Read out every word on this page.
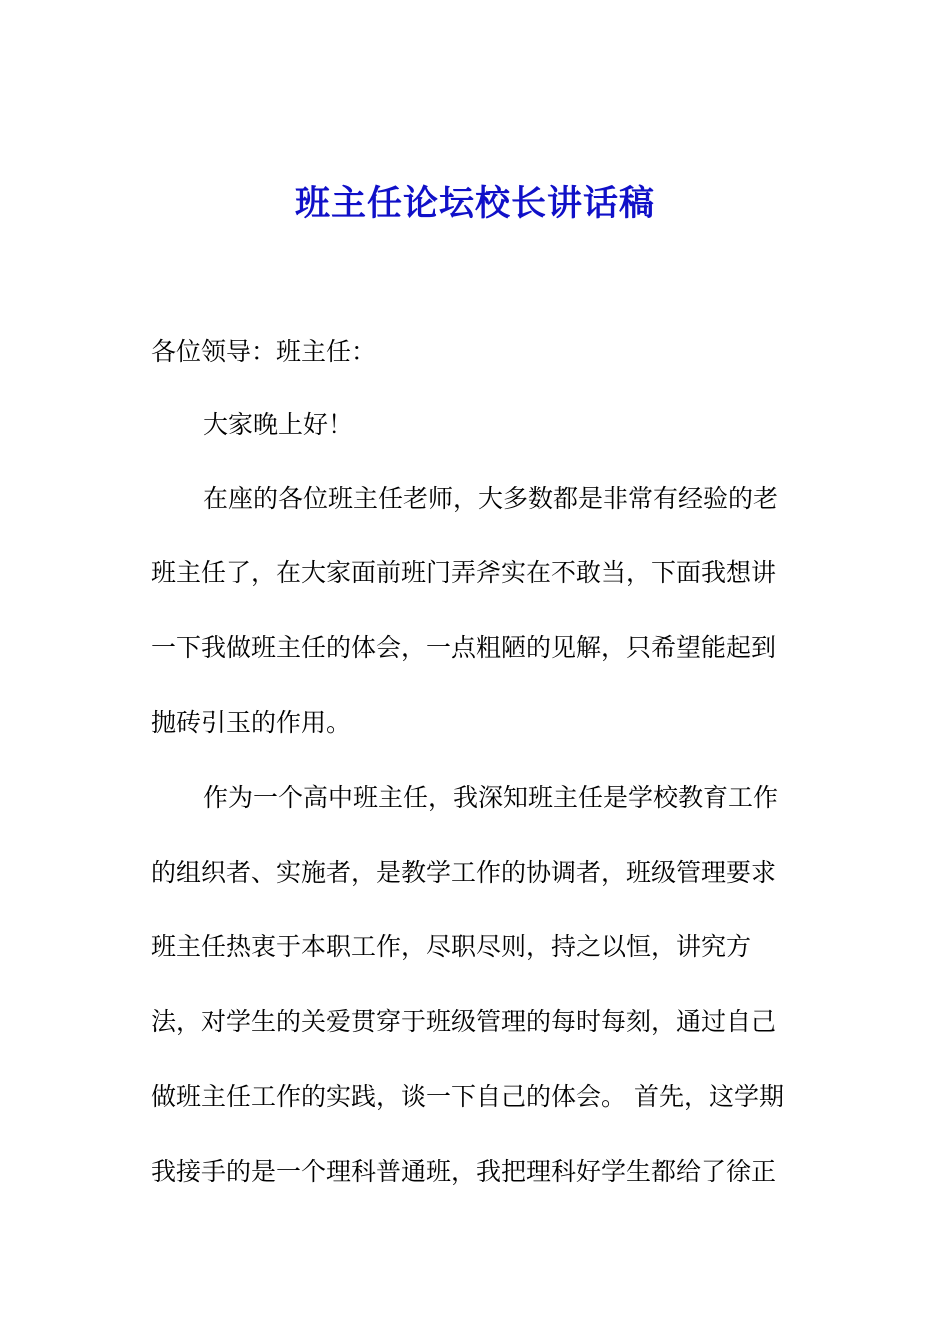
班主任论坛校长讲话稿
各位领导：班主任：
大家晚上好！
在座的各位班主任老师，大多数都是非常有经验的老
班主任了，在大家面前班门弄斧实在不敢当，下面我想讲
一下我做班主任的体会，一点粗陋的见解，只希望能起到
抛砖引玉的作用。
作为一个高中班主任，我深知班主任是学校教育工作
的组织者、实施者，是教学工作的协调者，班级管理要求
班主任热衷于本职工作，尽职尽则，持之以恒，讲究方
法，对学生的关爱贯穿于班级管理的每时每刻，通过自己
做班主任工作的实践，谈一下自己的体会。 首先，这学期
我接手的是一个理科普通班，我把理科好学生都给了徐正
